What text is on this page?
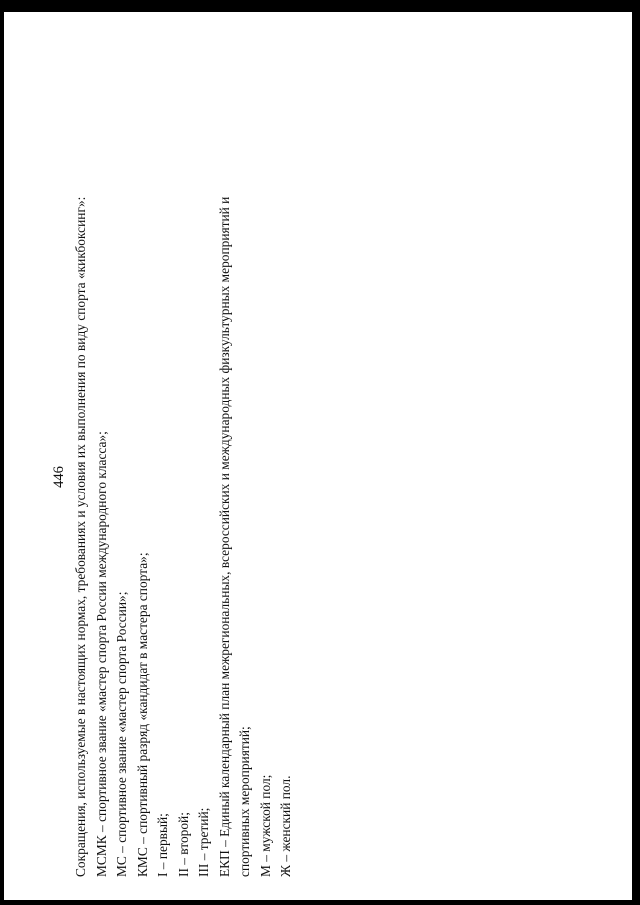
446 Сокращения, используемые в настоящих нормах, требованиях и условия их выполнения по виду спорта «кикбоксинг»: МСМК – спортивное звание «мастер спорта России международного класса»; МС – спортивное звание «мастер спорта России»; КМС – спортивный разряд «кандидат в мастера спорта»; I – первый; II – второй; III – третий; ЕКП – Единый календарный план межрегиональных, всероссийских и международных физкультурных мероприятий и спортивных мероприятий; М – мужской пол; Ж – женский пол.
